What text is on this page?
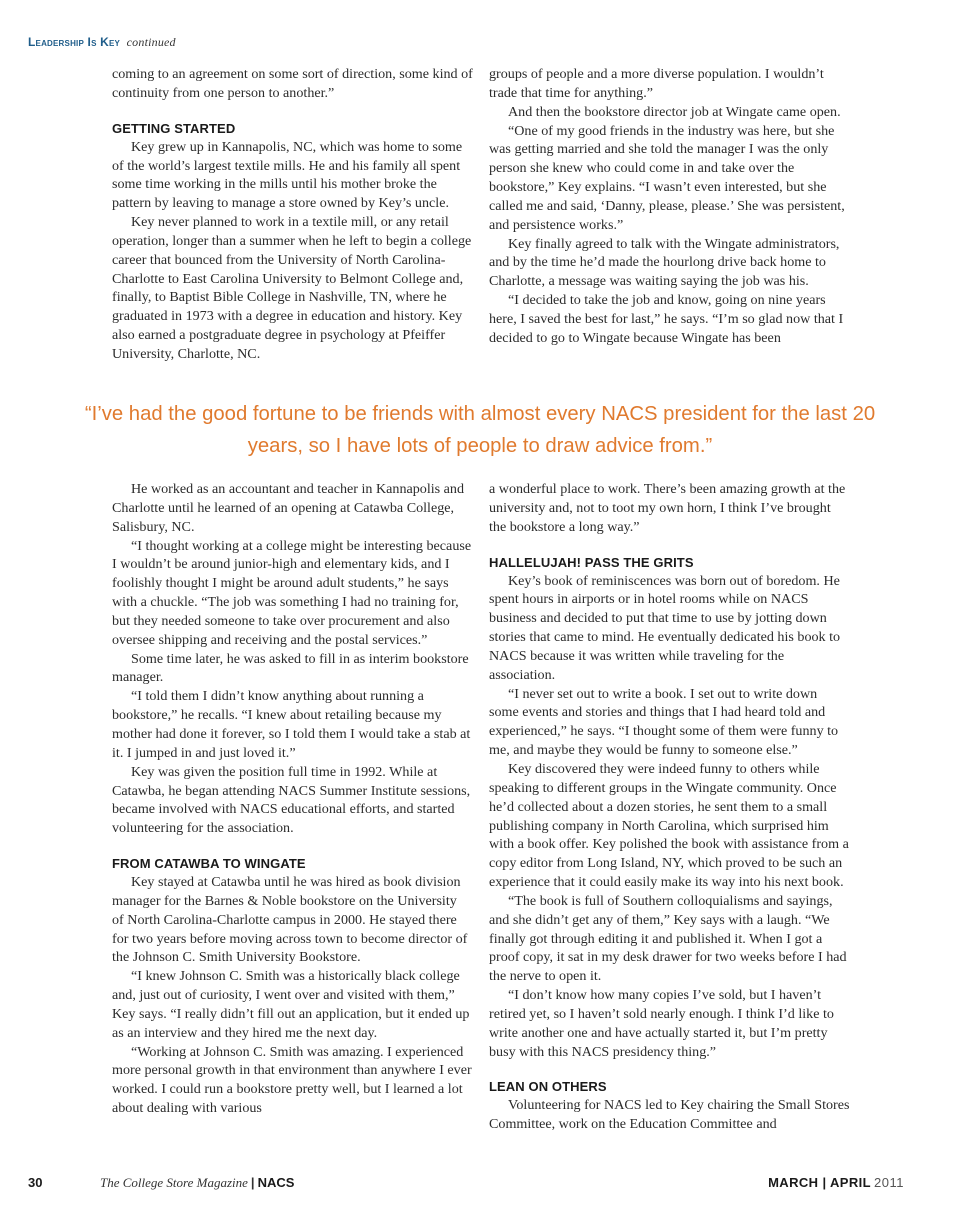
Leadership Is Key continued

coming to an agreement on some sort of direction, some kind of continuity from one person to another.”

GETTING STARTED

Key grew up in Kannapolis, NC, which was home to some of the world’s largest textile mills. He and his family all spent some time working in the mills until his mother broke the pattern by leaving to manage a store owned by Key’s uncle.

Key never planned to work in a textile mill, or any retail operation, longer than a summer when he left to begin a college career that bounced from the University of North Carolina-Charlotte to East Carolina University to Belmont College and, finally, to Baptist Bible College in Nashville, TN, where he graduated in 1973 with a degree in education and history. Key also earned a postgraduate degree in psychology at Pfeiffer University, Charlotte, NC.

groups of people and a more diverse population. I wouldn’t trade that time for anything.”

And then the bookstore director job at Wingate came open.

“One of my good friends in the industry was here, but she was getting married and she told the manager I was the only person she knew who could come in and take over the bookstore,” Key explains. “I wasn’t even interested, but she called me and said, ‘Danny, please, please.’ She was persistent, and persistence works.”

Key finally agreed to talk with the Wingate administrators, and by the time he’d made the hourlong drive back home to Charlotte, a message was waiting saying the job was his.

“I decided to take the job and know, going on nine years here, I saved the best for last,” he says. “I’m so glad now that I decided to go to Wingate because Wingate has been

“I’ve had the good fortune to be friends with almost every NACS president for the last 20 years, so I have lots of people to draw advice from.”

He worked as an accountant and teacher in Kannapolis and Charlotte until he learned of an opening at Catawba College, Salisbury, NC.

“I thought working at a college might be interesting because I wouldn’t be around junior-high and elementary kids, and I foolishly thought I might be around adult students,” he says with a chuckle. “The job was something I had no training for, but they needed someone to take over procurement and also oversee shipping and receiving and the postal services.”

Some time later, he was asked to fill in as interim bookstore manager.

“I told them I didn’t know anything about running a bookstore,” he recalls. “I knew about retailing because my mother had done it forever, so I told them I would take a stab at it. I jumped in and just loved it.”

Key was given the position full time in 1992. While at Catawba, he began attending NACS Summer Institute sessions, became involved with NACS educational efforts, and started volunteering for the association.

FROM CATAWBA TO WINGATE

Key stayed at Catawba until he was hired as book division manager for the Barnes & Noble bookstore on the University of North Carolina-Charlotte campus in 2000. He stayed there for two years before moving across town to become director of the Johnson C. Smith University Bookstore.

“I knew Johnson C. Smith was a historically black college and, just out of curiosity, I went over and visited with them,” Key says. “I really didn’t fill out an application, but it ended up as an interview and they hired me the next day.

“Working at Johnson C. Smith was amazing. I experienced more personal growth in that environment than anywhere I ever worked. I could run a bookstore pretty well, but I learned a lot about dealing with various

a wonderful place to work. There’s been amazing growth at the university and, not to toot my own horn, I think I’ve brought the bookstore a long way.”

HALLELUJAH! PASS THE GRITS

Key’s book of reminiscences was born out of boredom. He spent hours in airports or in hotel rooms while on NACS business and decided to put that time to use by jotting down stories that came to mind. He eventually dedicated his book to NACS because it was written while traveling for the association.

“I never set out to write a book. I set out to write down some events and stories and things that I had heard told and experienced,” he says. “I thought some of them were funny to me, and maybe they would be funny to someone else.”

Key discovered they were indeed funny to others while speaking to different groups in the Wingate community. Once he’d collected about a dozen stories, he sent them to a small publishing company in North Carolina, which surprised him with a book offer. Key polished the book with assistance from a copy editor from Long Island, NY, which proved to be such an experience that it could easily make its way into his next book.

“The book is full of Southern colloquialisms and sayings, and she didn’t get any of them,” Key says with a laugh. “We finally got through editing it and published it. When I got a proof copy, it sat in my desk drawer for two weeks before I had the nerve to open it.

“I don’t know how many copies I’ve sold, but I haven’t retired yet, so I haven’t sold nearly enough. I think I’d like to write another one and have actually started it, but I’m pretty busy with this NACS presidency thing.”

LEAN ON OTHERS

Volunteering for NACS led to Key chairing the Small Stores Committee, work on the Education Committee and

30	The College Store Magazine | NACS	MARCH | APRIL 2011
